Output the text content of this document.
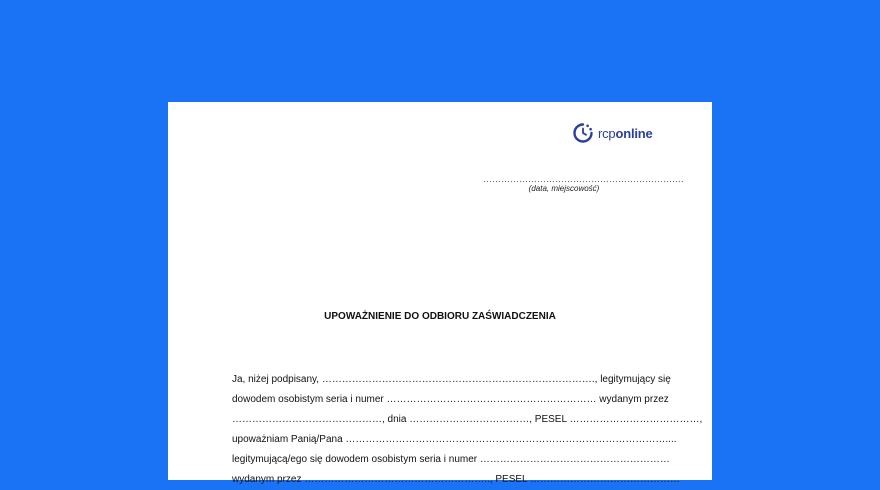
rcponline
………………………………………………………….
(data, miejscowość)
UPOWAŻNIENIE DO ODBIORU ZAŚWIADCZENIA
Ja, niżej podpisany, ………………………………………………………………………., legitymujący się
dowodem osobistym seria i numer ……………………………………………………… wydanym przez
………………………………………, dnia ………………………………, PESEL …………………………………,
upoważniam Panią/Pana ……………………………………………………………………………………....
legitymującą/ego się dowodem osobistym seria i numer …………………………………………………
wydanym przez ……………………………………………….., PESEL ………………………………………
